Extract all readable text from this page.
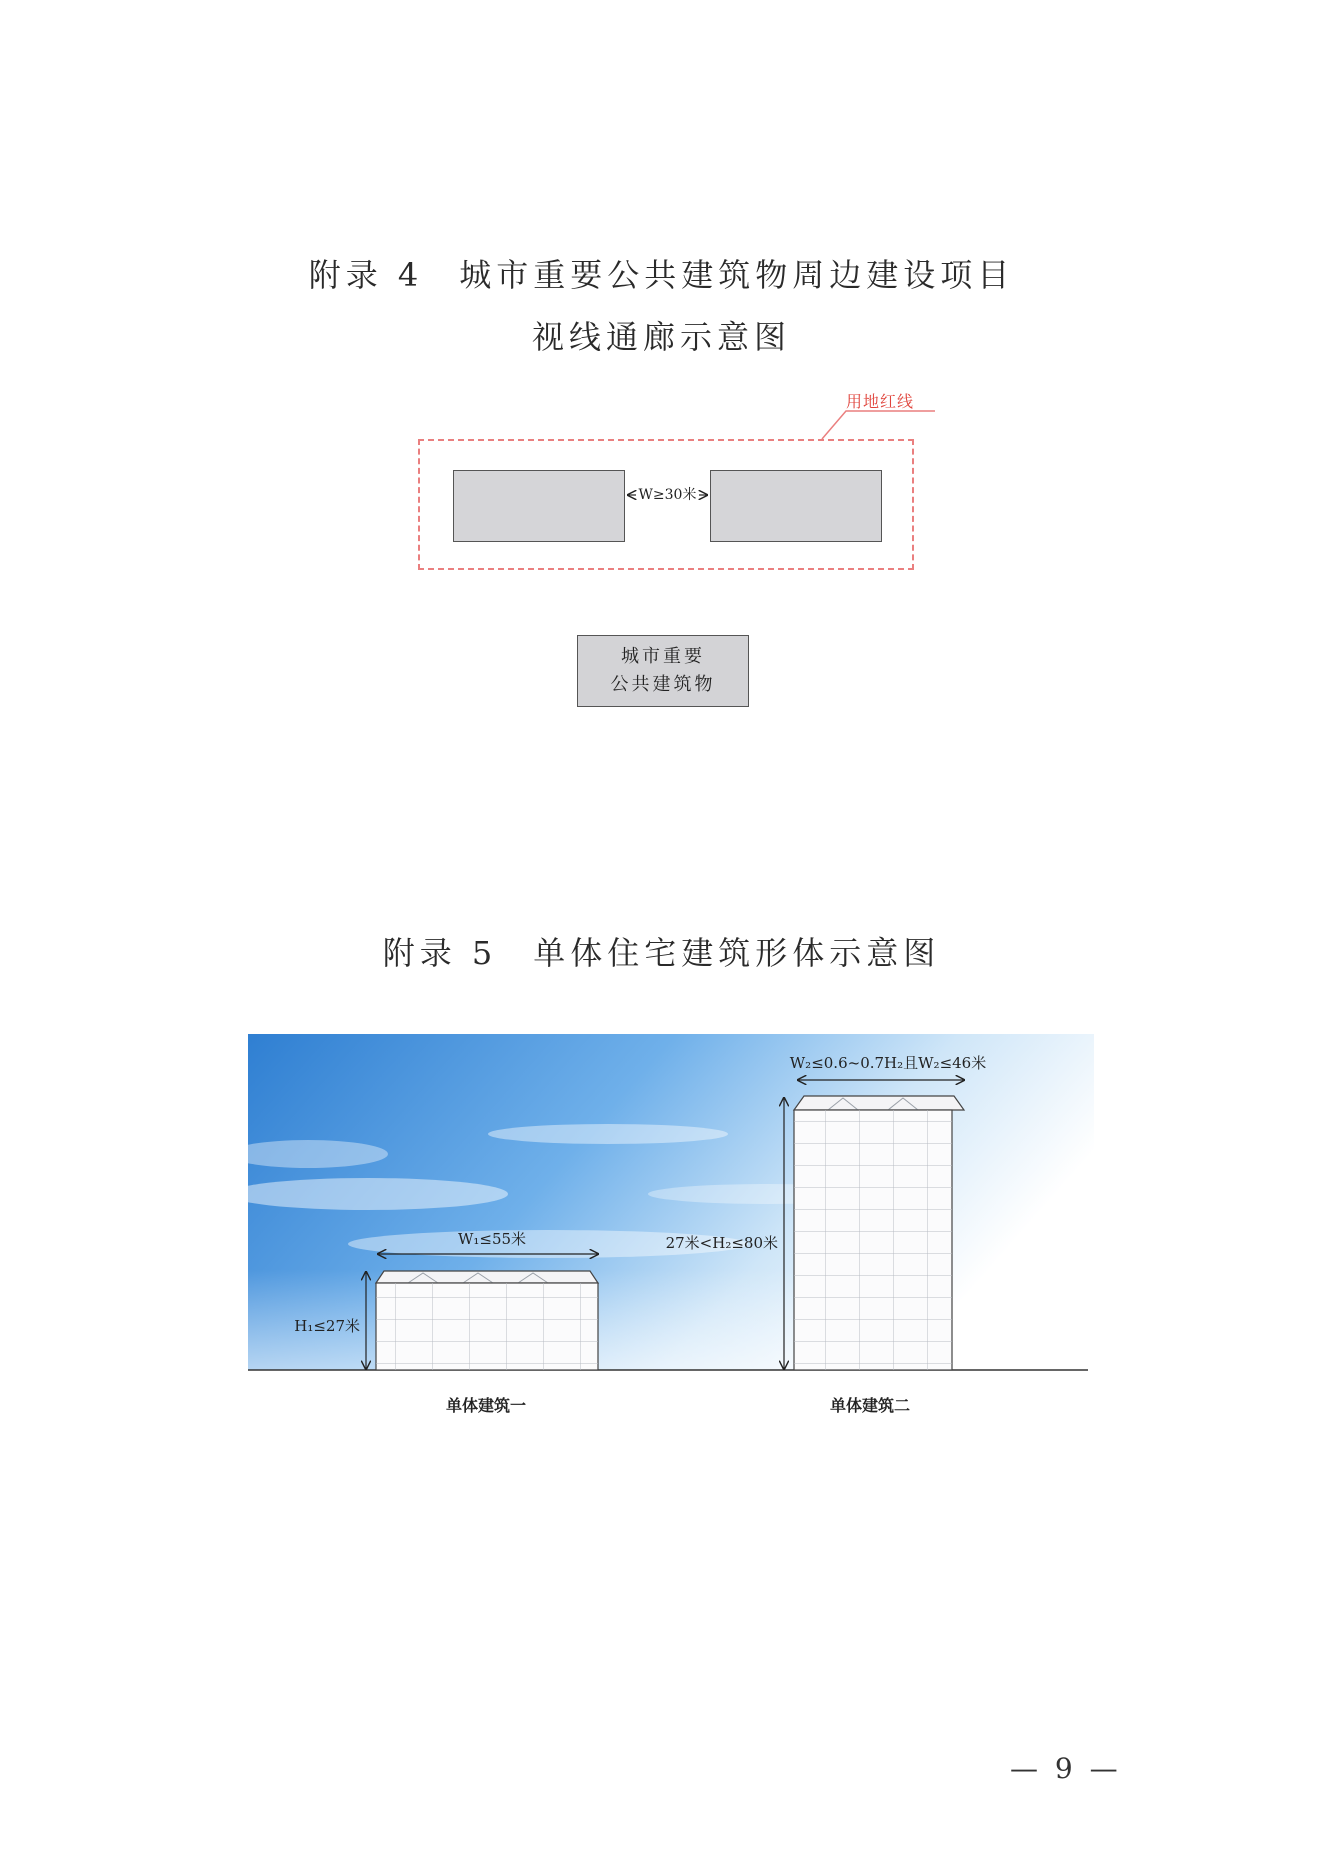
附录 4 城市重要公共建筑物周边建设项目
视线通廊示意图
用地红线
W≥30米
城市重要
公共建筑物
附录 5 单体住宅建筑形体示意图
W₁≤55米
H₁≤27米
W₂≤0.6~0.7H₂且W₂≤46米
27米<H₂≤80米
单体建筑一	单体建筑二
— 9 —
